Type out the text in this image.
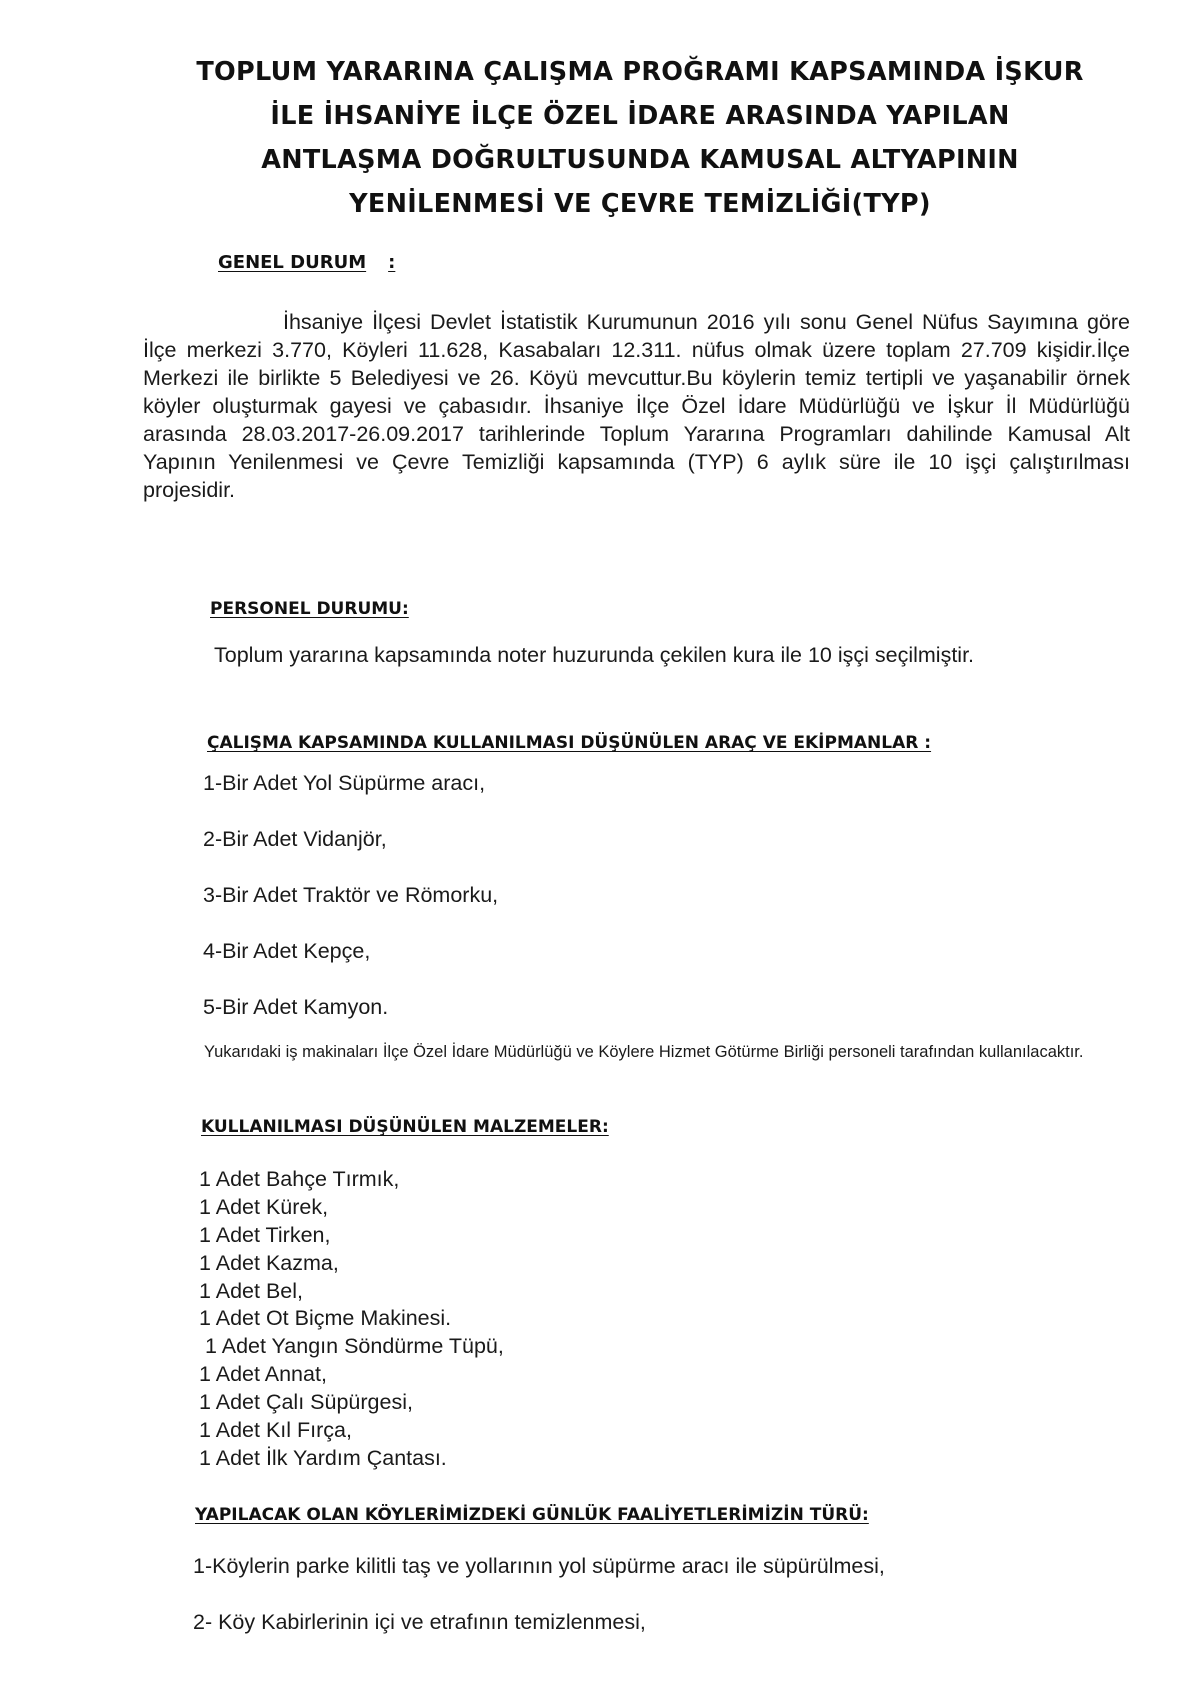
TOPLUM YARARINA ÇALIŞMA PROĞRAMI KAPSAMINDA İŞKUR
İLE İHSANİYE İLÇE ÖZEL İDARE ARASINDA YAPILAN
ANTLAŞMA DOĞRULTUSUNDA KAMUSAL ALTYAPININ
YENİLENMESİ VE ÇEVRE TEMİZLİĞİ(TYP)
GENEL DURUM :

İhsaniye İlçesi Devlet İstatistik Kurumunun 2016 yılı sonu Genel Nüfus Sayımına göre İlçe merkezi 3.770, Köyleri 11.628, Kasabaları 12.311. nüfus olmak üzere toplam 27.709 kişidir.İlçe Merkezi ile birlikte 5 Belediyesi ve 26. Köyü mevcuttur.Bu köylerin temiz tertipli ve yaşanabilir örnek köyler oluşturmak gayesi ve çabasıdır. İhsaniye İlçe Özel İdare Müdürlüğü ve İşkur İl Müdürlüğü arasında 28.03.2017-26.09.2017 tarihlerinde Toplum Yararına Programları dahilinde Kamusal Alt Yapının Yenilenmesi ve Çevre Temizliği kapsamında (TYP) 6 aylık süre ile 10 işçi çalıştırılması projesidir.

PERSONEL DURUMU:

Toplum yararına kapsamında noter huzurunda çekilen kura ile 10 işçi seçilmiştir.

ÇALIŞMA KAPSAMINDA KULLANILMASI DÜŞÜNÜLEN ARAÇ VE EKİPMANLAR :
1-Bir Adet Yol Süpürme aracı,
2-Bir Adet Vidanjör,
3-Bir Adet Traktör ve Römorku,
4-Bir Adet Kepçe,
5-Bir Adet Kamyon.

Yukarıdaki iş makinaları İlçe Özel İdare Müdürlüğü ve Köylere Hizmet Götürme Birliği personeli tarafından kullanılacaktır.

KULLANILMASI DÜŞÜNÜLEN MALZEMELER:
1 Adet Bahçe Tırmık,
1 Adet Kürek,
1 Adet Tirken,
1 Adet Kazma,
1 Adet Bel,
1 Adet Ot Biçme Makinesi.
1 Adet Yangın Söndürme Tüpü,
1 Adet Annat,
1 Adet Çalı Süpürgesi,
1 Adet Kıl Fırça,
1 Adet İlk Yardım Çantası.
YAPILACAK OLAN KÖYLERİMİZDEKİ GÜNLÜK FAALİYETLERİMİZİN TÜRÜ:
1-Köylerin parke kilitli taş ve yollarının yol süpürme aracı ile süpürülmesi,
2- Köy Kabirlerinin içi ve etrafının temizlenmesi,
